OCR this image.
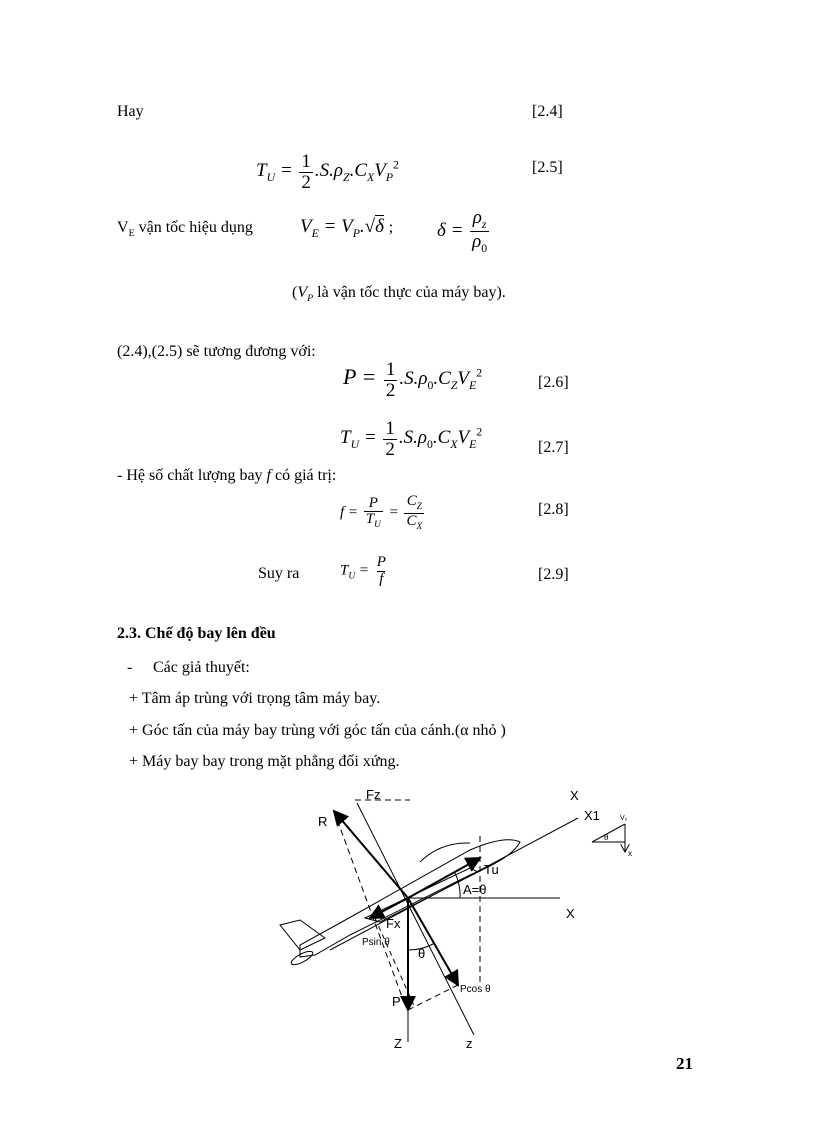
Hay	[2.4]
$T_U = \frac{1}{2} .S.\rho_Z.C_XV_P^2$	[2.5]
$V_E$ vận tốc hiệu dụng $V_E = V_P.√\delta$ ; $\delta = \frac{\rho_z}{\rho_0}$
($V_P$ là vận tốc thực của máy bay).
(2.4),(2.5) sẽ tương đương với:
$P = \frac{1}{2} .S.\rho_0.C_ZV_E^2$
[2.6]
$T_U = \frac{1}{2} .S.\rho_0.C_XV_E^2$
[2.7]
- Hệ số chất lượng bay f có giá trị:
$f = \frac{P}{T_U} = \frac{C_Z}{C_X}$	[2.8]
Suy ra	$T_U = \frac{P}{f}$	[2.9]
2.3. Chế độ bay lên đều
- Các giả thuyết:
+ Tâm áp trùng với trọng tâm máy bay.
+ Góc tấn của máy bay trùng với góc tấn của cánh.(α nhỏ )
+ Máy bay bay trong mặt phẳng đối xứng.
Fz
R
X
X1
Tu
A=θ
X
Fx
Psin θ
θ
P
Pcos θ
Z	z
θ
x
V₀
21
